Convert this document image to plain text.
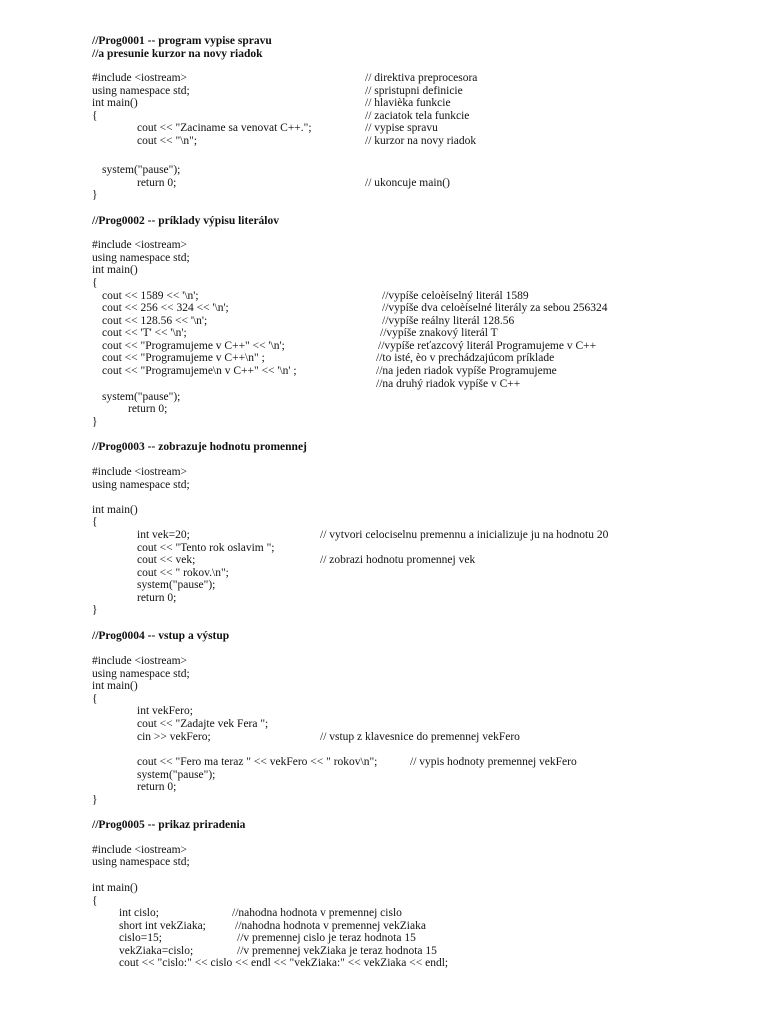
//Prog0001 -- program vypise spravu
//a presunie kurzor na novy riadok
#include <iostream>	// direktiva preprocesora
using namespace std;	// spristupni definicie
int main()	// hlavièka funkcie
{	// zaciatok tela funkcie
cout << "Zaciname sa venovat C++.";	// vypise spravu
cout << "\n";	// kurzor na novy riadok
system("pause");
return 0;	// ukoncuje main()
}
//Prog0002 -- príklady výpisu literálov
#include <iostream>
using namespace std;
int main()
{
cout << 1589 << '\n';	//vypíše celoèíselný literál 1589
cout << 256 << 324 << '\n';	//vypíše dva celoèíselné literály za sebou 256324
cout << 128.56 << '\n';	//vypíše reálny literál 128.56
cout << 'T' << '\n';	//vypíše znakový literál T
cout << "Programujeme v C++" << '\n';	//vypíše reťazcový literál Programujeme v C++
cout << "Programujeme v C++\n" ;	//to isté, èo v prechádzajúcom príklade
cout << "Programujeme\n v C++" << '\n' ;	//na jeden riadok vypíše Programujeme
//na druhý riadok vypíše v C++
system("pause");
return 0;
}
//Prog0003 -- zobrazuje hodnotu promennej
#include <iostream>
using namespace std;
int main()
{
int vek=20;	// vytvori celociselnu premennu a inicializuje ju na hodnotu 20
cout << "Tento rok oslavim ";
cout << vek;	// zobrazi hodnotu promennej vek
cout << " rokov.\n";
system("pause");
return 0;
}
//Prog0004 -- vstup a výstup
#include <iostream>
using namespace std;
int main()
{
int vekFero;
cout << "Zadajte vek Fera ";
cin >> vekFero;	// vstup z klavesnice do premennej vekFero
cout << "Fero ma teraz " << vekFero << " rokov\n";	// vypis hodnoty premennej vekFero
system("pause");
return 0;
}
//Prog0005 -- prikaz priradenia
#include <iostream>
using namespace std;
int main()
{
int cislo;	//nahodna hodnota v premennej cislo
short int vekZiaka;	//nahodna hodnota v premennej vekZiaka
cislo=15;	//v premennej cislo je teraz hodnota 15
vekZiaka=cislo;	//v premennej vekZiaka je teraz hodnota 15
cout << "cislo:" << cislo << endl << "vekZiaka:" << vekZiaka << endl;
